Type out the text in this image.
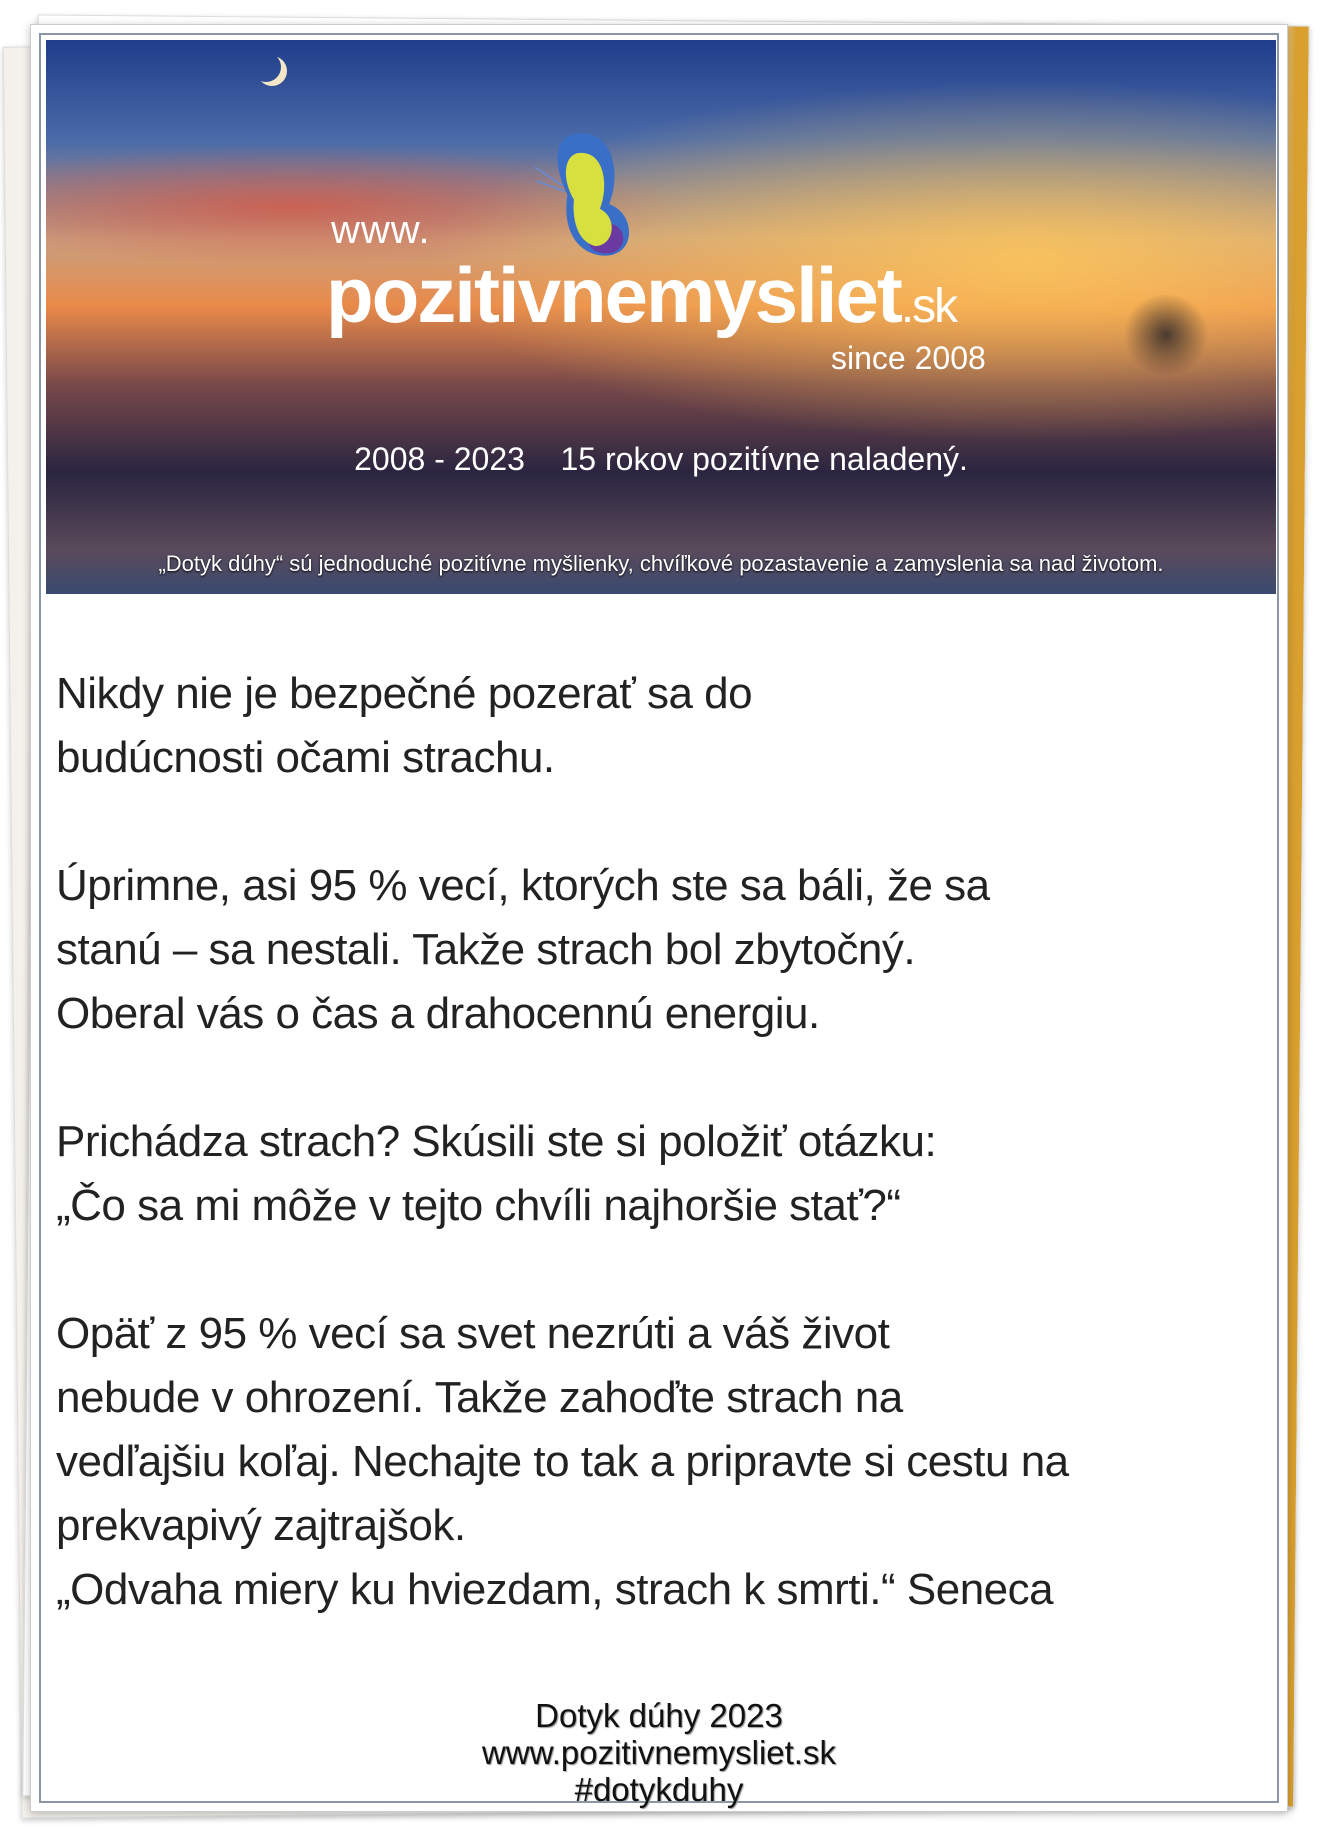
www.
pozitivnemysliet.sk
since 2008
2008 - 2023    15 rokov pozitívne naladený.
„Dotyk dúhy“ sú jednoduché pozitívne myšlienky, chvíľkové pozastavenie a zamyslenia sa nad životom.

Nikdy nie je bezpečné pozerať sa do
budúcnosti očami strachu.

Úprimne, asi 95 % vecí, ktorých ste sa báli, že sa
stanú – sa nestali. Takže strach bol zbytočný.
Oberal vás o čas a drahocennú energiu.

Prichádza strach? Skúsili ste si položiť otázku:
„Čo sa mi môže v tejto chvíli najhoršie stať?“

Opäť z 95 % vecí sa svet nezrúti a váš život
nebude v ohrození. Takže zahoďte strach na
vedľajšiu koľaj. Nechajte to tak a pripravte si cestu na
prekvapivý zajtrajšok.
„Odvaha miery ku hviezdam, strach k smrti.“ Seneca

Dotyk dúhy 2023
www.pozitivnemysliet.sk
#dotykduhy
